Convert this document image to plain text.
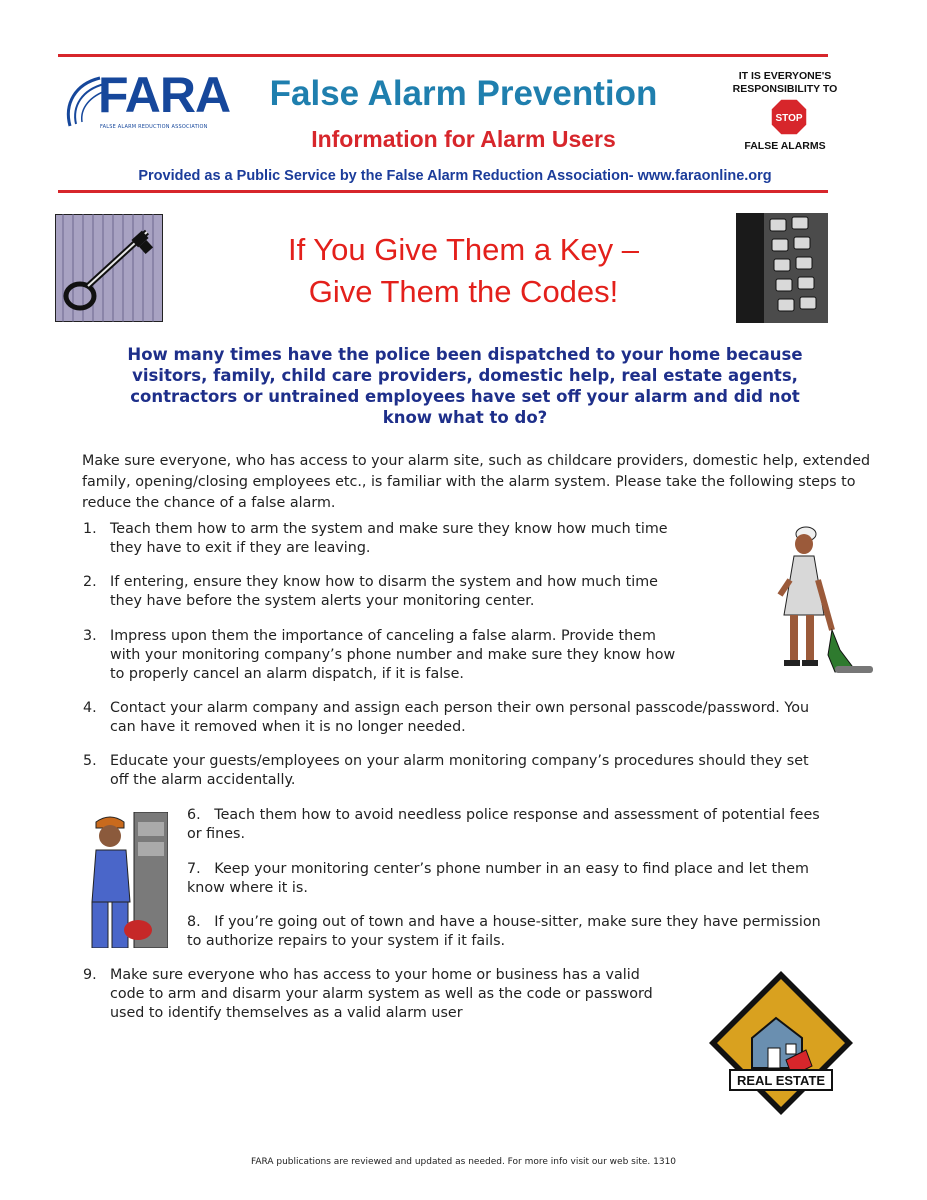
FARA
FALSE ALARM REDUCTION ASSOCIATION
False Alarm Prevention
Information for Alarm Users
Provided as a Public Service by the False Alarm Reduction Association- www.faraonline.org
IT IS EVERYONE'S
RESPONSIBILITY TO
STOP
FALSE ALARMS
If You Give Them a Key –
Give Them the Codes!
How many times have the police been dispatched to your home because visitors, family, child care providers, domestic help, real estate agents, contractors or untrained employees have set off your alarm and did not know what to do?
Make sure everyone, who has access to your alarm site, such as childcare providers, domestic help, extended family, opening/closing employees etc., is familiar with the alarm system. Please take the following steps to reduce the chance of a false alarm.
1. Teach them how to arm the system and make sure they know how much time
they have to exit if they are leaving.
2. If entering, ensure they know how to disarm the system and how much time
they have before the system alerts your monitoring center.
3. Impress upon them the importance of canceling a false alarm. Provide them
with your monitoring company’s phone number and make sure they know how
to properly cancel an alarm dispatch, if it is false.
4. Contact your alarm company and assign each person their own personal passcode/password. You
can have it removed when it is no longer needed.
5. Educate your guests/employees on your alarm monitoring company’s procedures should they set
off the alarm accidentally.
6. Teach them how to avoid needless police response and assessment of potential fees
or fines.
7. Keep your monitoring center’s phone number in an easy to find place and let them
know where it is.
8. If you’re going out of town and have a house-sitter, make sure they have permission
to authorize repairs to your system if it fails.
9. Make sure everyone who has access to your home or business has a valid
code to arm and disarm your alarm system as well as the code or password
used to identify themselves as a valid alarm user
REAL ESTATE
FARA publications are reviewed and updated as needed. For more info visit our web site. 1310
